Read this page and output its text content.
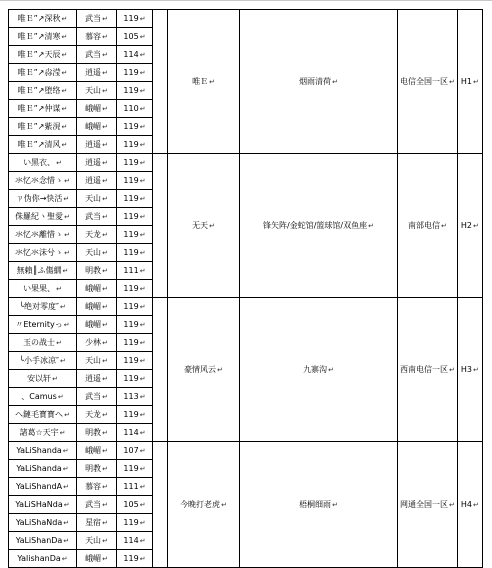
唯Ｅ”↗深秋↵	武当↵	119↵		唯Ｅ↵	烟雨清荷↵	电信全国一区↵	H1↵
唯Ｅ”↗清寒↵	慕容↵	105↵					
唯Ｅ”↗天辰↵	武当↵	114↵					
唯Ｅ”↗尛滢↵	逍遥↵	119↵					
唯Ｅ”↗堕络↵	天山↵	119↵					
唯Ｅ”↗仲谋↵	峨嵋↵	110↵					
唯Ｅ”↗紫涀↵	峨嵋↵	119↵					
唯Ｅ”↗清风↵	逍遥↵	119↵					
い黑衣、↵	逍遥↵	119↵		无天↵	锋矢阵/金蛇馆/篮球馆/双鱼座↵	南部电信↵	H2↵
氺忆氺念惜ゝ↵	逍遥↵	119↵					
ㄗ伪你→快活↵	天山↵	119↵					
侏羅紀ヽ聖愛↵	武当↵	119↵					
氺忆氺離惜ゝ↵	天龙↵	119↵					
氺忆氺沫兮ゝ↵	天山↵	119↵					
無賴║ふ傷繝↵	明教↵	111↵					
い果果、↵	峨嵋↵	119↵					
╰绝对零度″↵	峨嵋↵	119↵		豪情风云↵	九寨沟↵	西南电信一区↵	H3↵
〃Eternityっ↵	峨嵋↵	119↵					
玉の战士↵	少林↵	119↵					
╰小手冰凉″↵	天山↵	119↵					
安以轩↵	逍遥↵	119↵					
、Camus↵	武当↵	113↵					
ヘ鏈毛寳寳へ↵	天龙↵	119↵					
諸葛☆天宇↵	明教↵	114↵					
YaLiShanda↵	峨嵋↵	107↵		今晚打老虎↵	梧桐细雨↵	网通全国一区↵	H4↵
YaLiShanda↵	明教↵	119↵					
YaLiShandA↵	慕容↵	111↵					
YaLiSHaNda↵	武当↵	105↵					
YaLiShaNda↵	星宿↵	119↵					
YaLiShanDa↵	天山↵	114↵					
YalishanDa↵	峨嵋↵	119↵					
